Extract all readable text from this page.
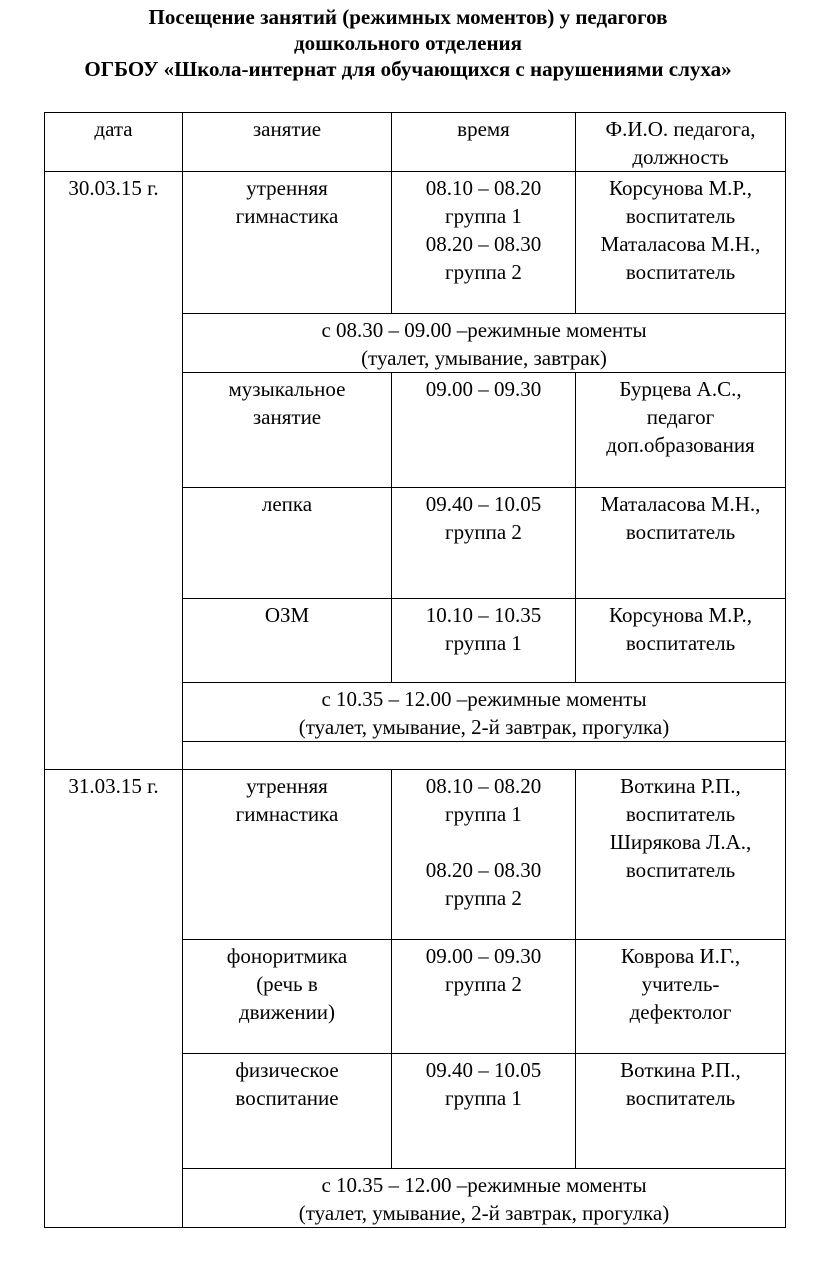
Посещение занятий (режимных моментов) у педагогов
дошкольного отделения
ОГБОУ «Школа-интернат для обучающихся с нарушениями слуха»
дата	занятие	время	Ф.И.О. педагога,
должность
30.03.15 г.	утренняя
гимнастика	08.10 – 08.20
группа 1
08.20 – 08.30
группа 2	Корсунова М.Р.,
воспитатель
Маталасова М.Н.,
воспитатель
	с 08.30 – 09.00 –режимные моменты
(туалет, умывание, завтрак)		
	музыкальное
занятие	09.00 – 09.30	Бурцева А.С.,
педагог
доп.образования
	лепка	09.40 – 10.05
группа 2	Маталасова М.Н.,
воспитатель
	ОЗМ	10.10 – 10.35
группа 1	Корсунова М.Р.,
воспитатель
	с 10.35 – 12.00 –режимные моменты
(туалет, умывание, 2-й завтрак, прогулка)		

31.03.15 г.	утренняя
гимнастика	08.10 – 08.20
группа 1

08.20 – 08.30
группа 2	Воткина Р.П.,
воспитатель
Ширякова Л.А.,
воспитатель
	фоноритмика
(речь в
движении)	09.00 – 09.30
группа 2	Коврова И.Г.,
учитель-
дефектолог
	физическое
воспитание	09.40 – 10.05
группа 1	Воткина Р.П.,
воспитатель
	с 10.35 – 12.00 –режимные моменты
(туалет, умывание, 2-й завтрак, прогулка)		
